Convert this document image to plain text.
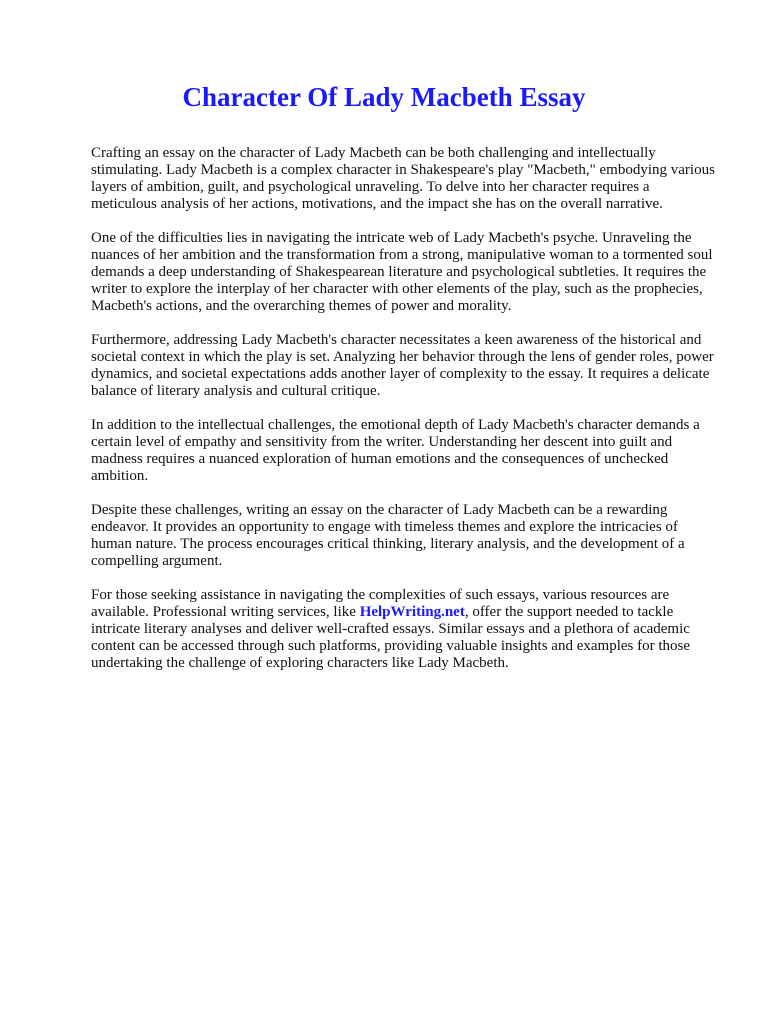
Character Of Lady Macbeth Essay

Crafting an essay on the character of Lady Macbeth can be both challenging and intellectually stimulating. Lady Macbeth is a complex character in Shakespeare's play "Macbeth," embodying various layers of ambition, guilt, and psychological unraveling. To delve into her character requires a meticulous analysis of her actions, motivations, and the impact she has on the overall narrative.

One of the difficulties lies in navigating the intricate web of Lady Macbeth's psyche. Unraveling the nuances of her ambition and the transformation from a strong, manipulative woman to a tormented soul demands a deep understanding of Shakespearean literature and psychological subtleties. It requires the writer to explore the interplay of her character with other elements of the play, such as the prophecies, Macbeth's actions, and the overarching themes of power and morality.

Furthermore, addressing Lady Macbeth's character necessitates a keen awareness of the historical and societal context in which the play is set. Analyzing her behavior through the lens of gender roles, power dynamics, and societal expectations adds another layer of complexity to the essay. It requires a delicate balance of literary analysis and cultural critique.

In addition to the intellectual challenges, the emotional depth of Lady Macbeth's character demands a certain level of empathy and sensitivity from the writer. Understanding her descent into guilt and madness requires a nuanced exploration of human emotions and the consequences of unchecked ambition.

Despite these challenges, writing an essay on the character of Lady Macbeth can be a rewarding endeavor. It provides an opportunity to engage with timeless themes and explore the intricacies of human nature. The process encourages critical thinking, literary analysis, and the development of a compelling argument.

For those seeking assistance in navigating the complexities of such essays, various resources are available. Professional writing services, like HelpWriting.net, offer the support needed to tackle intricate literary analyses and deliver well-crafted essays. Similar essays and a plethora of academic content can be accessed through such platforms, providing valuable insights and examples for those undertaking the challenge of exploring characters like Lady Macbeth.
